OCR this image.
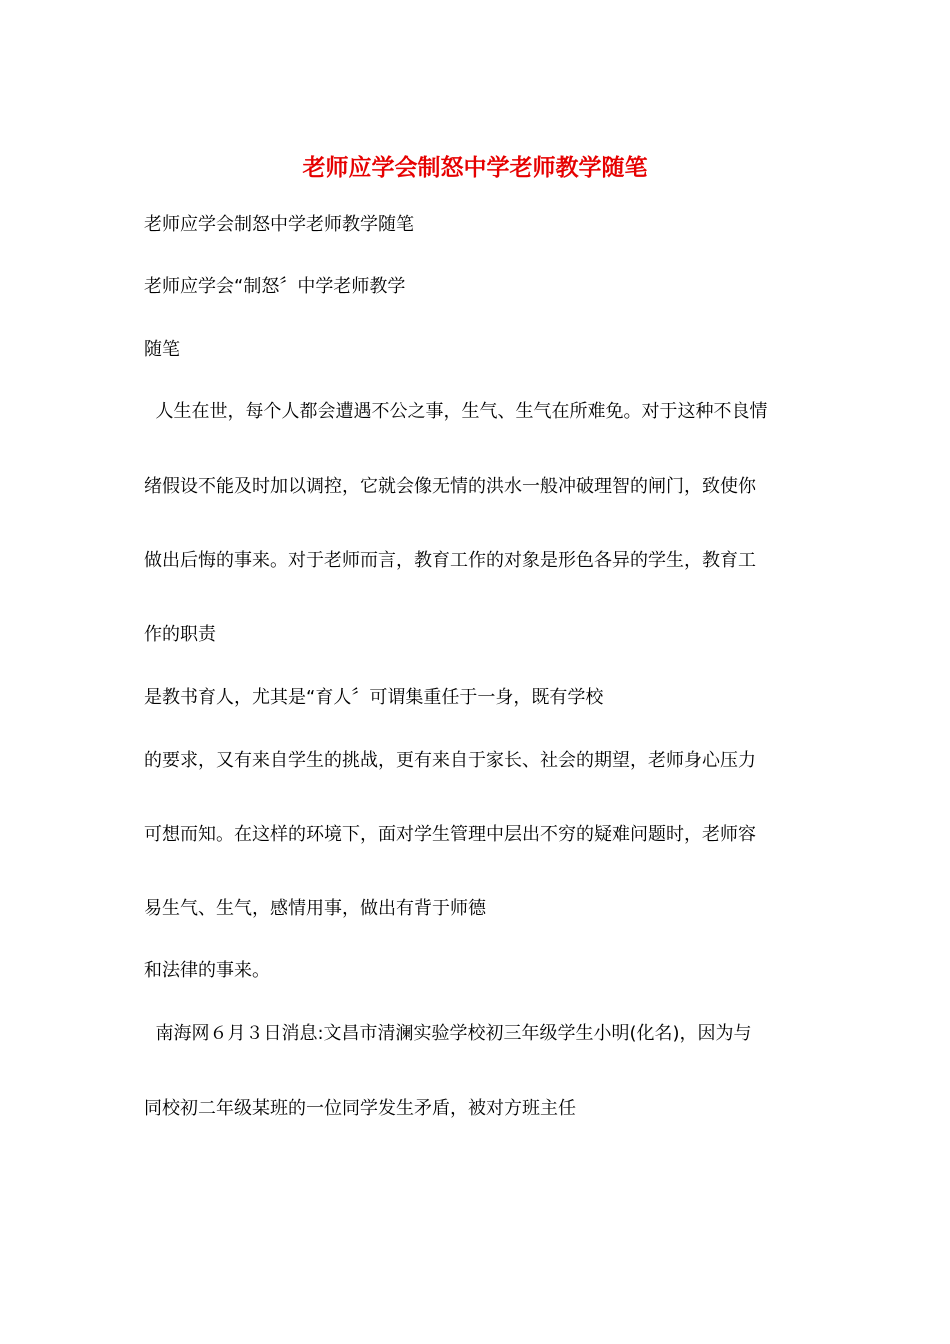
老师应学会制怒中学老师教学随笔
老师应学会制怒中学老师教学随笔
老师应学会“制怒〞中学老师教学
随笔
人生在世，每个人都会遭遇不公之事，生气、生气在所难免。对于这种不良情
绪假设不能及时加以调控，它就会像无情的洪水一般冲破理智的闸门，致使你
做出后悔的事来。对于老师而言，教育工作的对象是形色各异的学生，教育工
作的职责
是教书育人，尤其是“育人〞可谓集重任于一身，既有学校
的要求，又有来自学生的挑战，更有来自于家长、社会的期望，老师身心压力
可想而知。在这样的环境下，面对学生管理中层出不穷的疑难问题时，老师容
易生气、生气，感情用事，做出有背于师德
和法律的事来。
南海网６月３日消息:文昌市清澜实验学校初三年级学生小明(化名)，因为与
同校初二年级某班的一位同学发生矛盾，被对方班主任
